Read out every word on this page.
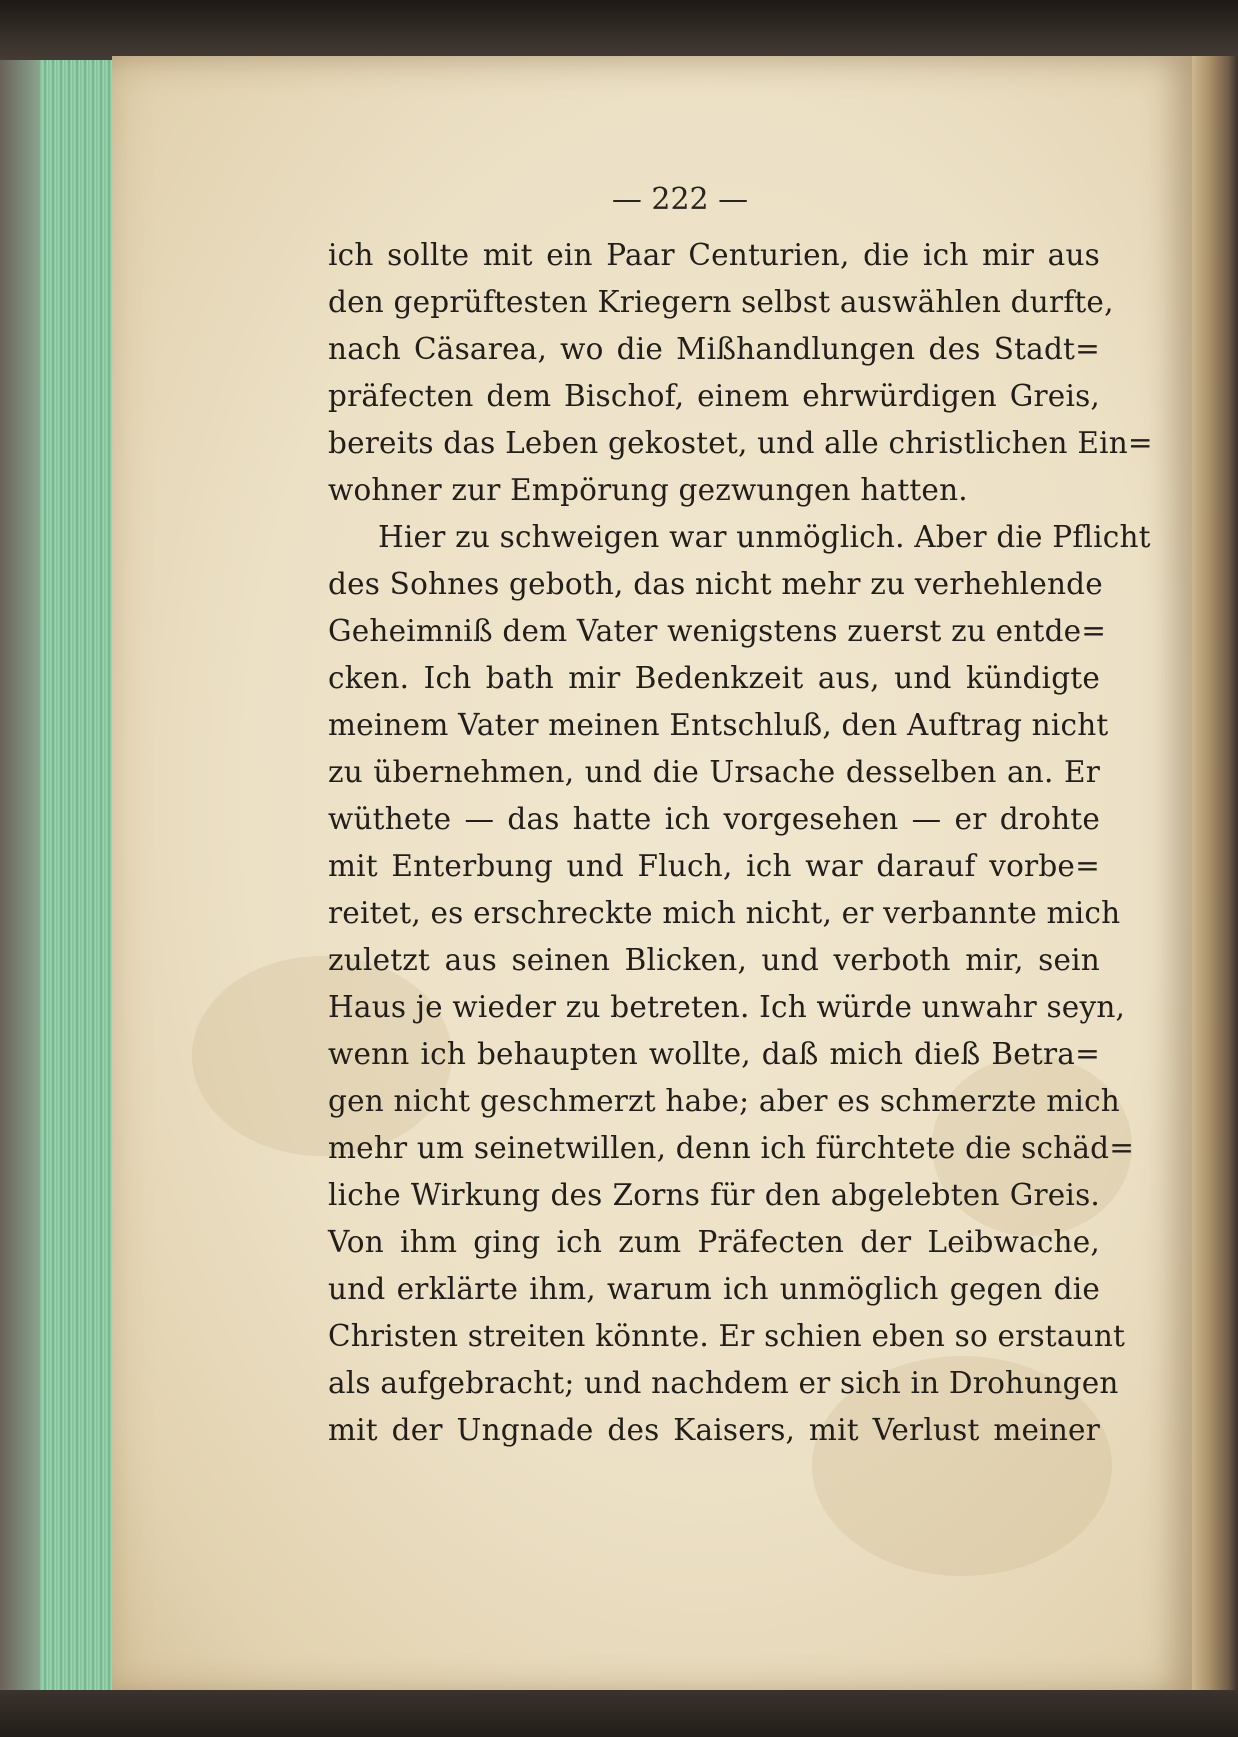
— 222 —
ich sollte mit ein Paar Centurien, die ich mir aus
den geprüftesten Kriegern selbst auswählen durfte,
nach Cäsarea, wo die Mißhandlungen des Stadt=
präfecten dem Bischof, einem ehrwürdigen Greis,
bereits das Leben gekostet, und alle christlichen Ein=
wohner zur Empörung gezwungen hatten.
Hier zu schweigen war unmöglich. Aber die Pflicht
des Sohnes geboth, das nicht mehr zu verhehlende
Geheimniß dem Vater wenigstens zuerst zu entde=
cken. Ich bath mir Bedenkzeit aus, und kündigte
meinem Vater meinen Entschluß, den Auftrag nicht
zu übernehmen, und die Ursache desselben an. Er
wüthete — das hatte ich vorgesehen — er drohte
mit Enterbung und Fluch, ich war darauf vorbe=
reitet, es erschreckte mich nicht, er verbannte mich
zuletzt aus seinen Blicken, und verboth mir, sein
Haus je wieder zu betreten. Ich würde unwahr seyn,
wenn ich behaupten wollte, daß mich dieß Betra=
gen nicht geschmerzt habe; aber es schmerzte mich
mehr um seinetwillen, denn ich fürchtete die schäd=
liche Wirkung des Zorns für den abgelebten Greis.
Von ihm ging ich zum Präfecten der Leibwache,
und erklärte ihm, warum ich unmöglich gegen die
Christen streiten könnte. Er schien eben so erstaunt
als aufgebracht; und nachdem er sich in Drohungen
mit der Ungnade des Kaisers, mit Verlust meiner
